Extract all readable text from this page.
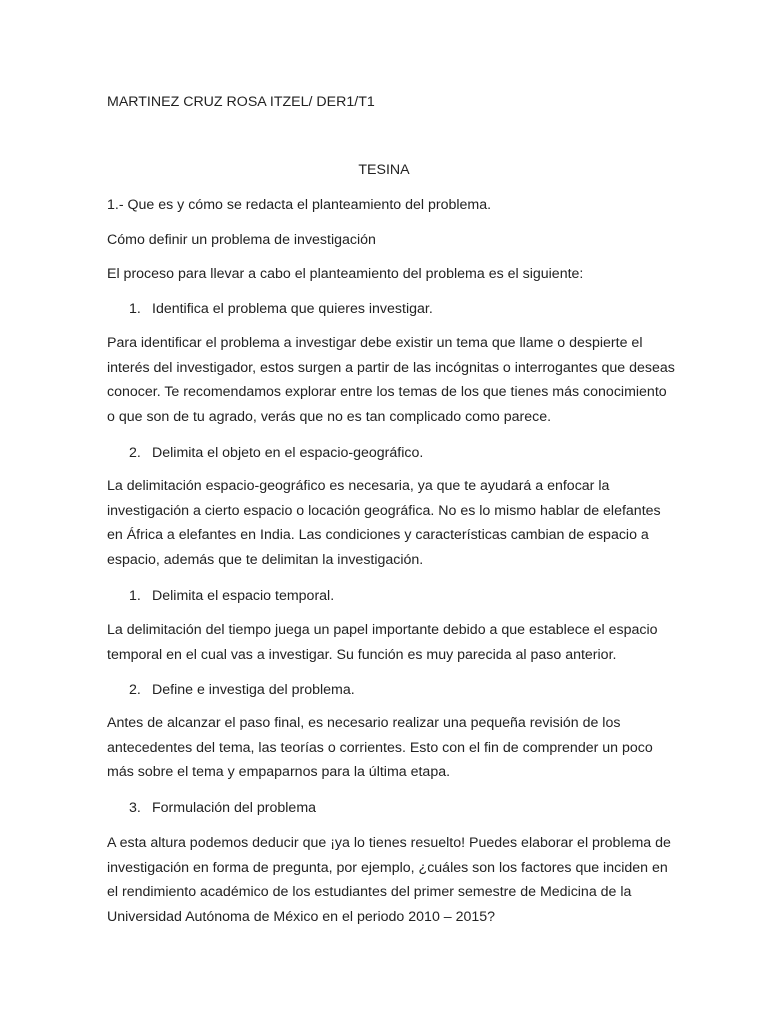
MARTINEZ CRUZ ROSA ITZEL/ DER1/T1

TESINA

1.- Que es y cómo se redacta el planteamiento del problema.

Cómo definir un problema de investigación

El proceso para llevar a cabo el planteamiento del problema es el siguiente:

1. Identifica el problema que quieres investigar.

Para identificar el problema a investigar debe existir un tema que llame o despierte el
interés del investigador, estos surgen a partir de las incógnitas o interrogantes que deseas
conocer. Te recomendamos explorar entre los temas de los que tienes más conocimiento
o que son de tu agrado, verás que no es tan complicado como parece.

2. Delimita el objeto en el espacio-geográfico.

La delimitación espacio-geográfico es necesaria, ya que te ayudará a enfocar la
investigación a cierto espacio o locación geográfica. No es lo mismo hablar de elefantes
en África a elefantes en India. Las condiciones y características cambian de espacio a
espacio, además que te delimitan la investigación.

1. Delimita el espacio temporal.

La delimitación del tiempo juega un papel importante debido a que establece el espacio
temporal en el cual vas a investigar. Su función es muy parecida al paso anterior.

2. Define e investiga del problema.

Antes de alcanzar el paso final, es necesario realizar una pequeña revisión de los
antecedentes del tema, las teorías o corrientes. Esto con el fin de comprender un poco
más sobre el tema y empaparnos para la última etapa.

3. Formulación del problema

A esta altura podemos deducir que ¡ya lo tienes resuelto! Puedes elaborar el problema de
investigación en forma de pregunta, por ejemplo, ¿cuáles son los factores que inciden en
el rendimiento académico de los estudiantes del primer semestre de Medicina de la
Universidad Autónoma de México en el periodo 2010 – 2015?
